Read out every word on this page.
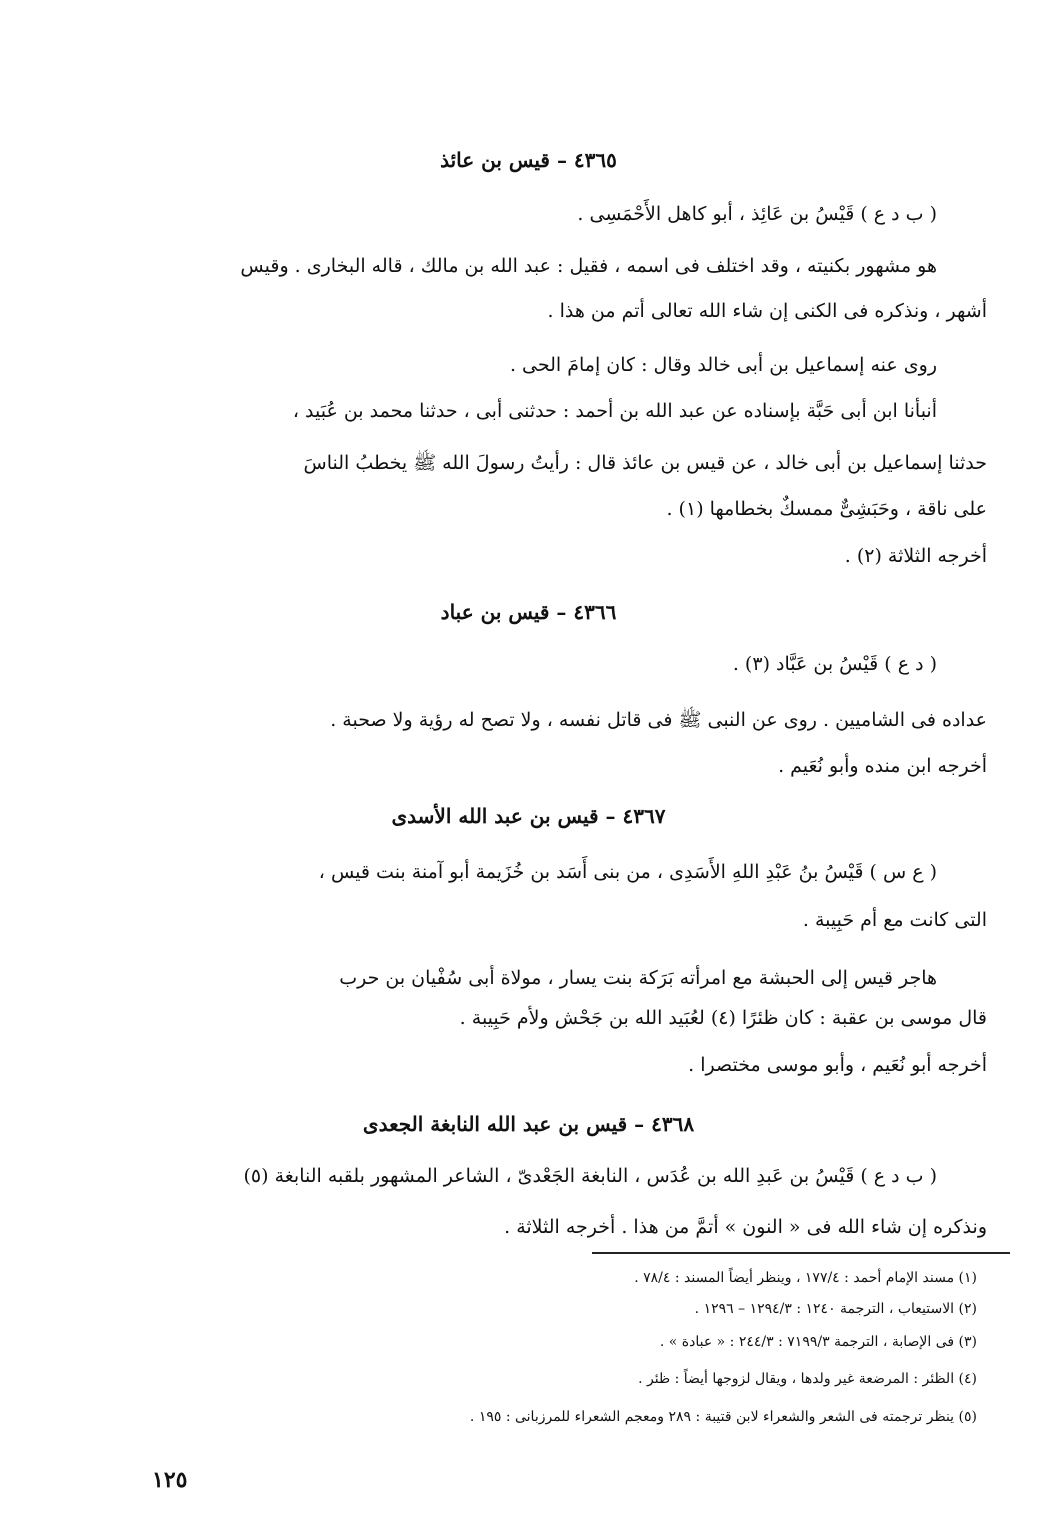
٤٣٦٥ – قيس بن عائذ
( ب د ع ) قَيْسُ بن عَائِذ ، أبو كاهل الأَحْمَسِى .
هو مشهور بكنيته ، وقد اختلف فى اسمه ، فقيل : عبد الله بن مالك ، قاله البخارى . وقيس
أشهر ، ونذكره فى الكنى إن شاء الله تعالى أتم من هذا .
روى عنه إسماعيل بن أبى خالد وقال : كان إمامَ الحى .
أنبأنا ابن أبى حَبَّة بإسناده عن عبد الله بن أحمد : حدثنى أبى ، حدثنا محمد بن عُبَيد ،
حدثنا إسماعيل بن أبى خالد ، عن قيس بن عائذ قال : رأيتُ رسولَ الله ﷺ يخطبُ الناسَ
على ناقة ، وحَبَشِىٌّ ممسكٌ بخطامها (١) .
أخرجه الثلاثة (٢) .
٤٣٦٦ – قيس بن عباد
( د ع ) قَيْسُ بن عَبَّاد (٣) .
عداده فى الشاميين . روى عن النبى ﷺ فى قاتل نفسه ، ولا تصح له رؤية ولا صحبة .
أخرجه ابن منده وأبو نُعَيم .
٤٣٦٧ – قيس بن عبد الله الأسدى
( ع س ) قَيْسُ بنُ عَبْدِ اللهِ الأَسَدِى ، من بنى أَسَد بن خُزَيمة أبو آمنة بنت قيس ،
التى كانت مع أم حَبِيبة .
هاجر قيس إلى الحبشة مع امرأته بَرَكة بنت يسار ، مولاة أبى سُفْيان بن حرب
قال موسى بن عقبة : كان ظئرًا (٤) لعُبَيد الله بن جَحْش ولأم حَبِيبة .
أخرجه أبو نُعَيم ، وأبو موسى مختصرا .
٤٣٦٨ – قيس بن عبد الله النابغة الجعدى
( ب د ع ) قَيْسُ بن عَبدِ الله بن عُدَس ، النابغة الجَعْدىّ ، الشاعر المشهور بلقبه النابغة (٥)
ونذكره إن شاء الله فى « النون » أتمَّ من هذا . أخرجه الثلاثة .
(١) مسند الإمام أحمد : ١٧٧/٤ ، وينظر أيضاً المسند : ٧٨/٤ .
(٢) الاستيعاب ، الترجمة ١٢٤٠ : ١٢٩٤/٣ – ١٢٩٦ .
(٣) فى الإصابة ، الترجمة ٧١٩٩/٣ : ٢٤٤/٣ : « عبادة » .
(٤) الظئر : المرضعة غير ولدها ، ويقال لزوجها أيضاً : ظئر .
(٥) ينظر ترجمته فى الشعر والشعراء لابن قتيبة : ٢٨٩ ومعجم الشعراء للمرزبانى : ١٩٥ .
١٢٥
